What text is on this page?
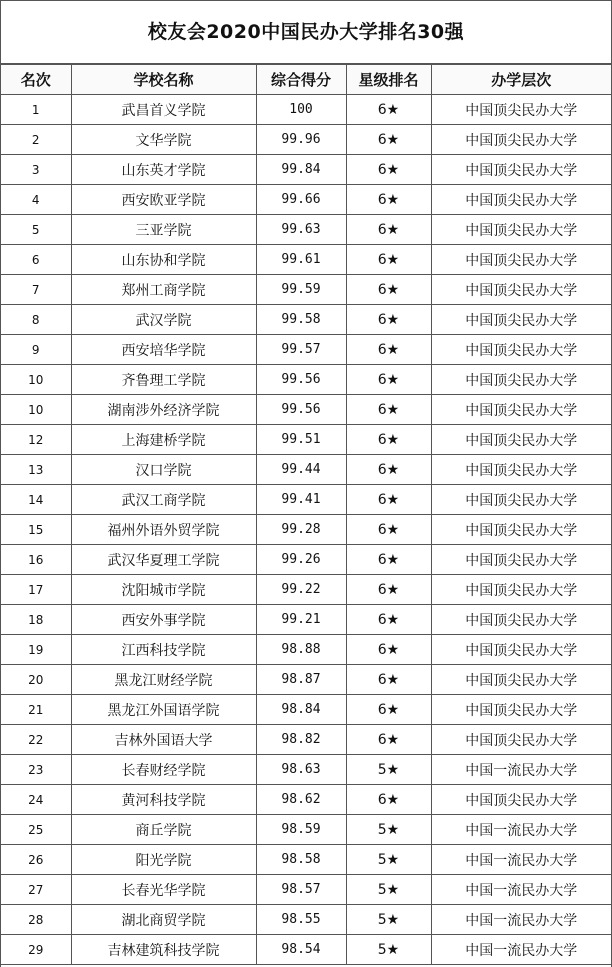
校友会2020中国民办大学排名30强
名次	学校名称	综合得分	星级排名	办学层次
1	武昌首义学院	100	6★	中国顶尖民办大学
2	文华学院	99.96	6★	中国顶尖民办大学
3	山东英才学院	99.84	6★	中国顶尖民办大学
4	西安欧亚学院	99.66	6★	中国顶尖民办大学
5	三亚学院	99.63	6★	中国顶尖民办大学
6	山东协和学院	99.61	6★	中国顶尖民办大学
7	郑州工商学院	99.59	6★	中国顶尖民办大学
8	武汉学院	99.58	6★	中国顶尖民办大学
9	西安培华学院	99.57	6★	中国顶尖民办大学
10	齐鲁理工学院	99.56	6★	中国顶尖民办大学
10	湖南涉外经济学院	99.56	6★	中国顶尖民办大学
12	上海建桥学院	99.51	6★	中国顶尖民办大学
13	汉口学院	99.44	6★	中国顶尖民办大学
14	武汉工商学院	99.41	6★	中国顶尖民办大学
15	福州外语外贸学院	99.28	6★	中国顶尖民办大学
16	武汉华夏理工学院	99.26	6★	中国顶尖民办大学
17	沈阳城市学院	99.22	6★	中国顶尖民办大学
18	西安外事学院	99.21	6★	中国顶尖民办大学
19	江西科技学院	98.88	6★	中国顶尖民办大学
20	黑龙江财经学院	98.87	6★	中国顶尖民办大学
21	黑龙江外国语学院	98.84	6★	中国顶尖民办大学
22	吉林外国语大学	98.82	6★	中国顶尖民办大学
23	长春财经学院	98.63	5★	中国一流民办大学
24	黄河科技学院	98.62	6★	中国顶尖民办大学
25	商丘学院	98.59	5★	中国一流民办大学
26	阳光学院	98.58	5★	中国一流民办大学
27	长春光华学院	98.57	5★	中国一流民办大学
28	湖北商贸学院	98.55	5★	中国一流民办大学
29	吉林建筑科技学院	98.54	5★	中国一流民办大学
